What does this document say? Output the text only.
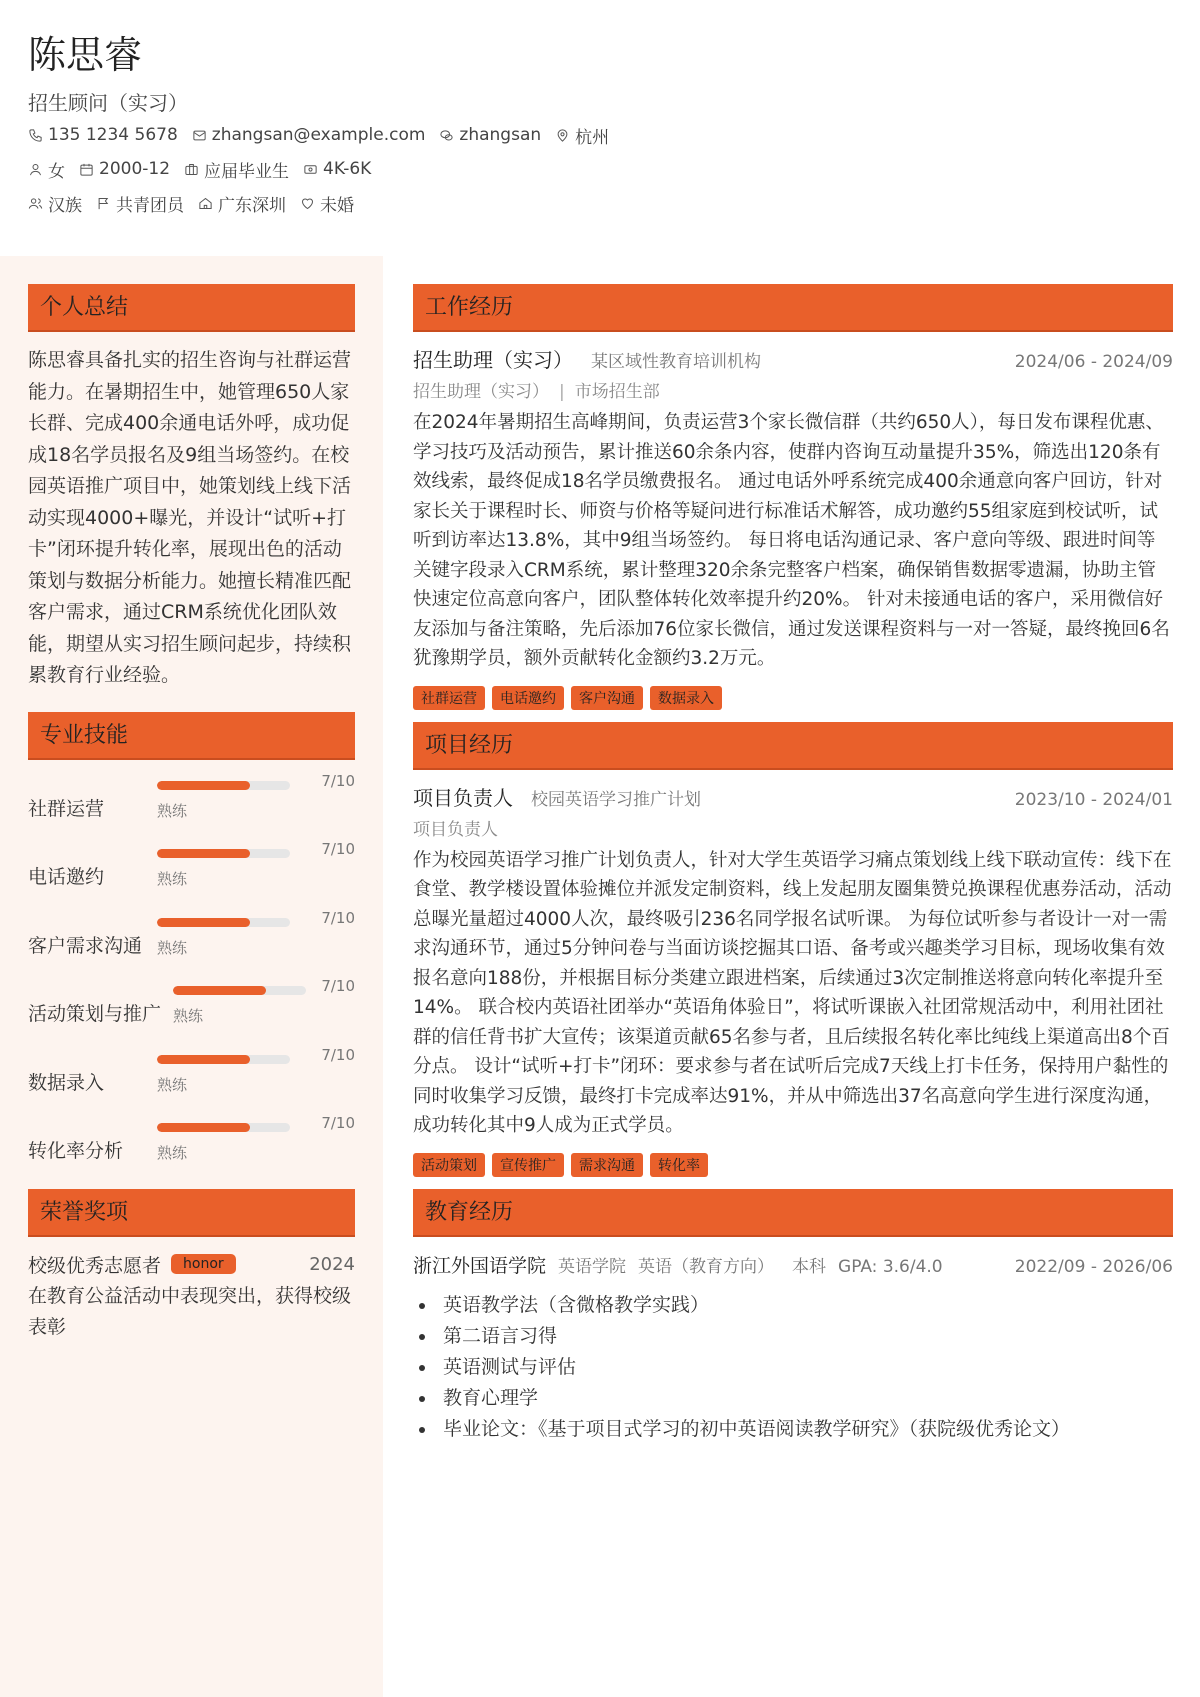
陈思睿
招生顾问（实习）
135 1234 5678 zhangsan@example.com zhangsan 杭州
女 2000-12 应届毕业生 4K-6K
汉族 共青团员 广东深圳 未婚
个人总结
陈思睿具备扎实的招生咨询与社群运营能力。在暑期招生中，她管理650人家长群、完成400余通电话外呼，成功促成18名学员报名及9组当场签约。在校园英语推广项目中，她策划线上线下活动实现4000+曝光，并设计“试听+打卡”闭环提升转化率，展现出色的活动策划与数据分析能力。她擅长精准匹配客户需求，通过CRM系统优化团队效能，期望从实习招生顾问起步，持续积累教育行业经验。
专业技能
社群运营	熟练
7/10
电话邀约	熟练
7/10
客户需求沟通 熟练
7/10
活动策划与推广 熟练
7/10
数据录入	熟练
7/10
转化率分析 熟练
7/10
荣誉奖项
校级优秀志愿者	honor	2024
在教育公益活动中表现突出，获得校级表彰
工作经历
招生助理（实习） 某区域性教育培训机构	2024/06 - 2024/09
招生助理（实习） | 市场招生部
在2024年暑期招生高峰期间，负责运营3个家长微信群（共约650人），每日发布课程优惠、学习技巧及活动预告，累计推送60余条内容，使群内咨询互动量提升35%，筛选出120条有效线索，最终促成18名学员缴费报名。 通过电话外呼系统完成400余通意向客户回访，针对家长关于课程时长、师资与价格等疑问进行标准话术解答，成功邀约55组家庭到校试听，试听到访率达13.8%，其中9组当场签约。 每日将电话沟通记录、客户意向等级、跟进时间等关键字段录入CRM系统，累计整理320余条完整客户档案，确保销售数据零遗漏，协助主管快速定位高意向客户，团队整体转化效率提升约20%。 针对未接通电话的客户，采用微信好友添加与备注策略，先后添加76位家长微信，通过发送课程资料与一对一答疑，最终挽回6名犹豫期学员，额外贡献转化金额约3.2万元。
社群运营	电话邀约	客户沟通	数据录入
项目经历
项目负责人 校园英语学习推广计划	2023/10 - 2024/01
项目负责人
作为校园英语学习推广计划负责人，针对大学生英语学习痛点策划线上线下联动宣传：线下在食堂、教学楼设置体验摊位并派发定制资料，线上发起朋友圈集赞兑换课程优惠券活动，活动总曝光量超过4000人次，最终吸引236名同学报名试听课。 为每位试听参与者设计一对一需求沟通环节，通过5分钟问卷与当面访谈挖掘其口语、备考或兴趣类学习目标，现场收集有效报名意向188份，并根据目标分类建立跟进档案，后续通过3次定制推送将意向转化率提升至14%。 联合校内英语社团举办“英语角体验日”，将试听课嵌入社团常规活动中，利用社团社群的信任背书扩大宣传；该渠道贡献65名参与者，且后续报名转化率比纯线上渠道高出8个百分点。 设计“试听+打卡”闭环：要求参与者在试听后完成7天线上打卡任务，保持用户黏性的同时收集学习反馈，最终打卡完成率达91%，并从中筛选出37名高意向学生进行深度沟通，成功转化其中9人成为正式学员。
活动策划	宣传推广	需求沟通	转化率
教育经历
浙江外国语学院 英语学院 英语（教育方向） 本科 GPA: 3.6/4.0	2022/09 - 2026/06
英语教学法（含微格教学实践）
第二语言习得
英语测试与评估
教育心理学
毕业论文：《基于项目式学习的初中英语阅读教学研究》（获院级优秀论文）
